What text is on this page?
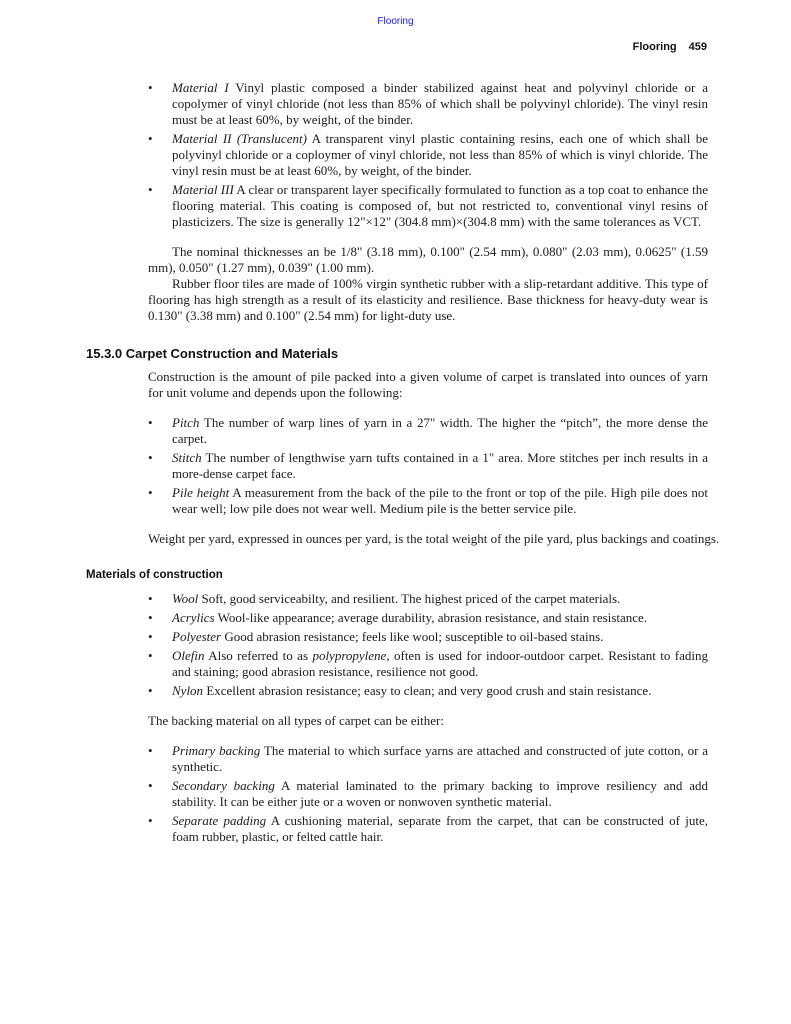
Flooring
Flooring 459
• Material I Vinyl plastic composed a binder stabilized against heat and polyvinyl chloride or a copolymer of vinyl chloride (not less than 85% of which shall be polyvinyl chloride). The vinyl resin must be at least 60%, by weight, of the binder.
• Material II (Translucent) A transparent vinyl plastic containing resins, each one of which shall be polyvinyl chloride or a coploymer of vinyl chloride, not less than 85% of which is vinyl chloride. The vinyl resin must be at least 60%, by weight, of the binder.
• Material III A clear or transparent layer specifically formulated to function as a top coat to enhance the flooring material. This coating is composed of, but not restricted to, conventional vinyl resins of plasticizers. The size is generally 12"×12" (304.8 mm)×(304.8 mm) with the same tolerances as VCT.
The nominal thicknesses an be 1/8" (3.18 mm), 0.100" (2.54 mm), 0.080" (2.03 mm), 0.0625" (1.59 mm), 0.050" (1.27 mm), 0.039" (1.00 mm).
Rubber floor tiles are made of 100% virgin synthetic rubber with a slip-retardant additive. This type of flooring has high strength as a result of its elasticity and resilience. Base thickness for heavy-duty wear is 0.130" (3.38 mm) and 0.100" (2.54 mm) for light-duty use.
15.3.0 Carpet Construction and Materials
Construction is the amount of pile packed into a given volume of carpet is translated into ounces of yarn for unit volume and depends upon the following:
• Pitch The number of warp lines of yarn in a 27" width. The higher the “pitch”, the more dense the carpet.
• Stitch The number of lengthwise yarn tufts contained in a 1" area. More stitches per inch results in a more-dense carpet face.
• Pile height A measurement from the back of the pile to the front or top of the pile. High pile does not wear well; low pile does not wear well. Medium pile is the better service pile.
Weight per yard, expressed in ounces per yard, is the total weight of the pile yard, plus backings and coatings.
Materials of construction
• Wool Soft, good serviceabilty, and resilient. The highest priced of the carpet materials.
• Acrylics Wool-like appearance; average durability, abrasion resistance, and stain resistance.
• Polyester Good abrasion resistance; feels like wool; susceptible to oil-based stains.
• Olefin Also referred to as polypropylene, often is used for indoor-outdoor carpet. Resistant to fading and staining; good abrasion resistance, resilience not good.
• Nylon Excellent abrasion resistance; easy to clean; and very good crush and stain resistance.
The backing material on all types of carpet can be either:
• Primary backing The material to which surface yarns are attached and constructed of jute cotton, or a synthetic.
• Secondary backing A material laminated to the primary backing to improve resiliency and add stability. It can be either jute or a woven or nonwoven synthetic material.
• Separate padding A cushioning material, separate from the carpet, that can be constructed of jute, foam rubber, plastic, or felted cattle hair.
